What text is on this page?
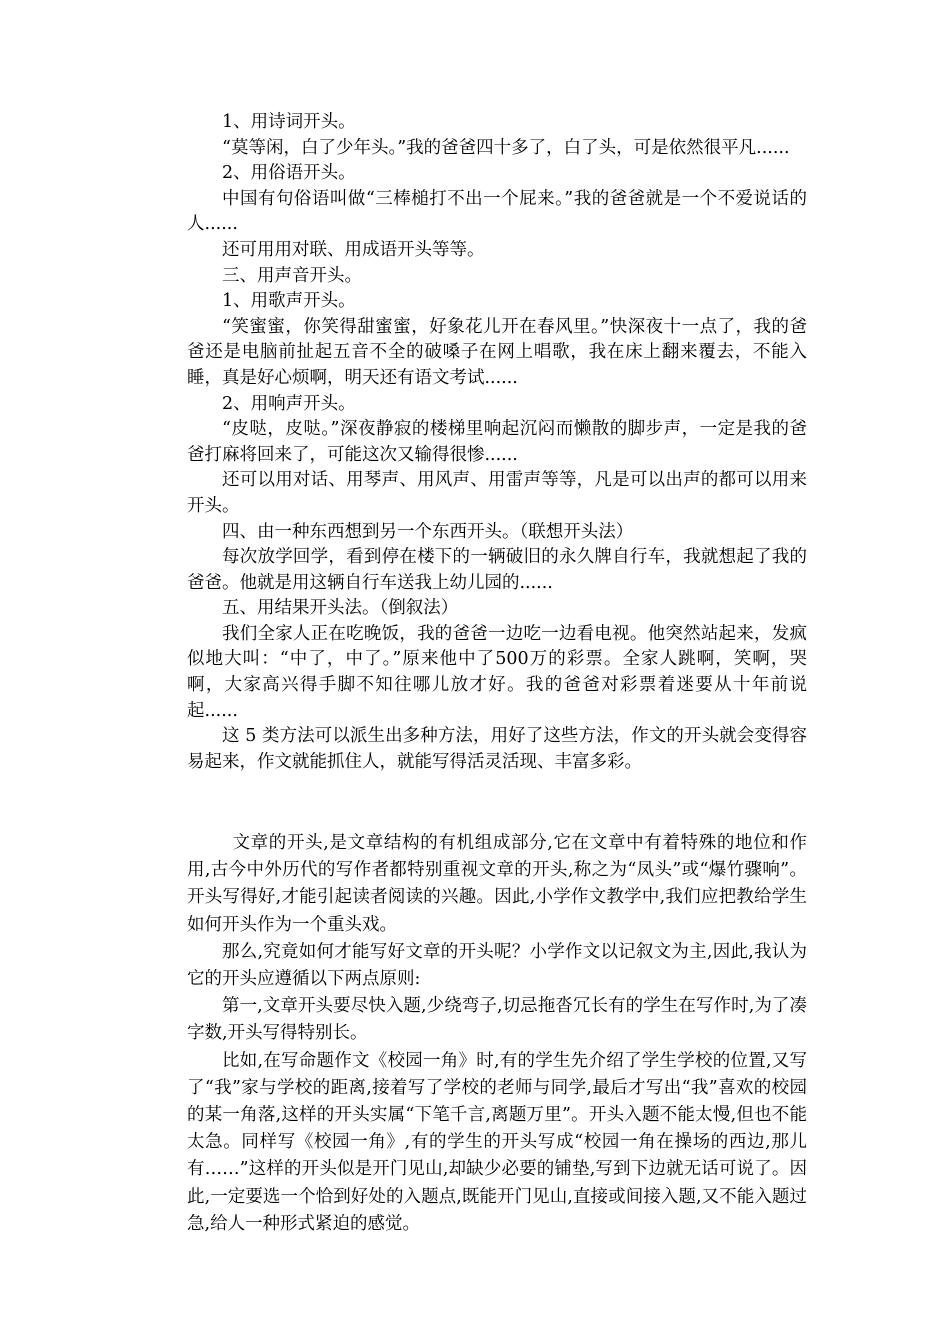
1、用诗词开头。

“莫等闲，白了少年头。”我的爸爸四十多了，白了头，可是依然很平凡......

2、用俗语开头。

中国有句俗语叫做“三棒槌打不出一个屁来。”我的爸爸就是一个不爱说话的人......

还可用用对联、用成语开头等等。

三、用声音开头。

1、用歌声开头。

“笑蜜蜜，你笑得甜蜜蜜，好象花儿开在春风里。”快深夜十一点了，我的爸爸还是电脑前扯起五音不全的破嗓子在网上唱歌，我在床上翻来覆去，不能入睡，真是好心烦啊，明天还有语文考试......

2、用响声开头。

“皮哒，皮哒。”深夜静寂的楼梯里响起沉闷而懒散的脚步声，一定是我的爸爸打麻将回来了，可能这次又输得很惨......

还可以用对话、用琴声、用风声、用雷声等等，凡是可以出声的都可以用来开头。

四、由一种东西想到另一个东西开头。（联想开头法）

每次放学回学，看到停在楼下的一辆破旧的永久牌自行车，我就想起了我的爸爸。他就是用这辆自行车送我上幼儿园的......

五、用结果开头法。（倒叙法）

我们全家人正在吃晚饭，我的爸爸一边吃一边看电视。他突然站起来，发疯似地大叫：“中了，中了。”原来他中了500万的彩票。全家人跳啊，笑啊，哭啊，大家高兴得手脚不知往哪儿放才好。我的爸爸对彩票着迷要从十年前说起......

这 5 类方法可以派生出多种方法，用好了这些方法，作文的开头就会变得容易起来，作文就能抓住人，就能写得活灵活现、丰富多彩。

文章的开头,是文章结构的有机组成部分,它在文章中有着特殊的地位和作用,古今中外历代的写作者都特别重视文章的开头,称之为“凤头”或“爆竹骤响”。开头写得好,才能引起读者阅读的兴趣。因此,小学作文教学中,我们应把教给学生如何开头作为一个重头戏。

那么,究竟如何才能写好文章的开头呢？小学作文以记叙文为主,因此,我认为它的开头应遵循以下两点原则:

第一,文章开头要尽快入题,少绕弯子,切忌拖沓冗长有的学生在写作时,为了凑字数,开头写得特别长。

比如,在写命题作文《校园一角》时,有的学生先介绍了学生学校的位置,又写了“我”家与学校的距离,接着写了学校的老师与同学,最后才写出“我”喜欢的校园的某一角落,这样的开头实属“下笔千言,离题万里”。开头入题不能太慢,但也不能太急。同样写《校园一角》,有的学生的开头写成“校园一角在操场的西边,那儿有……”这样的开头似是开门见山,却缺少必要的铺垫,写到下边就无话可说了。因此,一定要选一个恰到好处的入题点,既能开门见山,直接或间接入题,又不能入题过急,给人一种形式紧迫的感觉。
